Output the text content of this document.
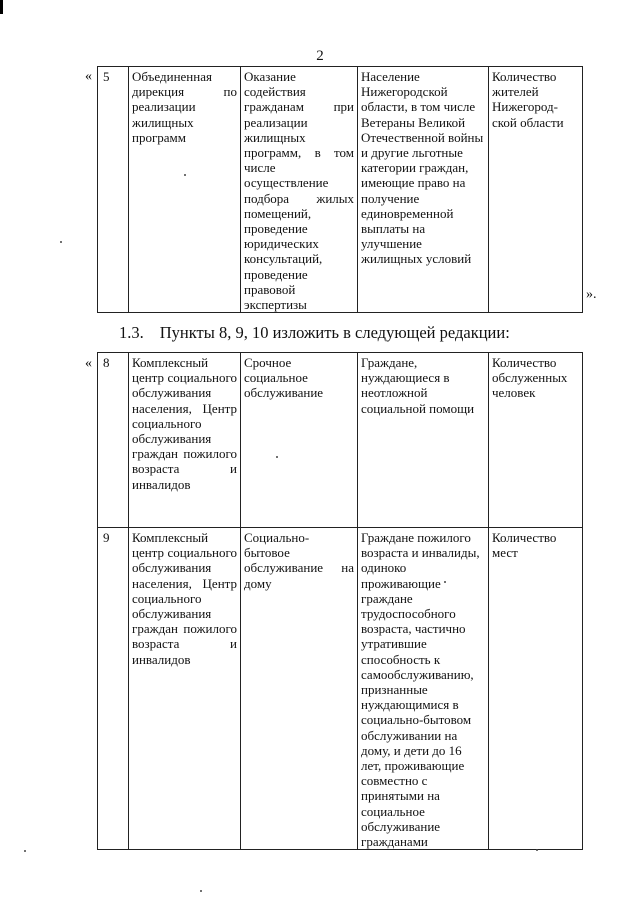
2
« 5	Объединенная дирекция по реализации жилищных программ	Оказание содействия гражданам при реализации жилищных программ, в том числе осуществление подбора жилых помещений, проведение юридических консультаций, проведение правовой экспертизы	Население Нижегородской области, в том числе Ветераны Великой Отечественной войны и другие льготные категории граждан, имеющие право на получение единовременной выплаты на улучшение жилищных условий	Количество жителей Нижегород-ской области
».
1.3. Пункты 8, 9, 10 изложить в следующей редакции:
« 8	Комплексный центр социального обслуживания населения, Центр социального обслуживания граждан пожилого возраста и инвалидов	Срочное социальное обслуживание	Граждане, нуждающиеся в неотложной социальной помощи	Количество обслуженных человек
9	Комплексный центр социального обслуживания населения, Центр социального обслуживания граждан пожилого возраста и инвалидов	Социально-бытовое обслуживание на дому	Граждане пожилого возраста и инвалиды, одиноко проживающие граждане трудоспособного возраста, частично утратившие способность к самообслуживанию, признанные нуждающимися в социально-бытовом обслуживании на дому, и дети до 16 лет, проживающие совместно с принятыми на социальное обслуживание гражданами	Количество мест
